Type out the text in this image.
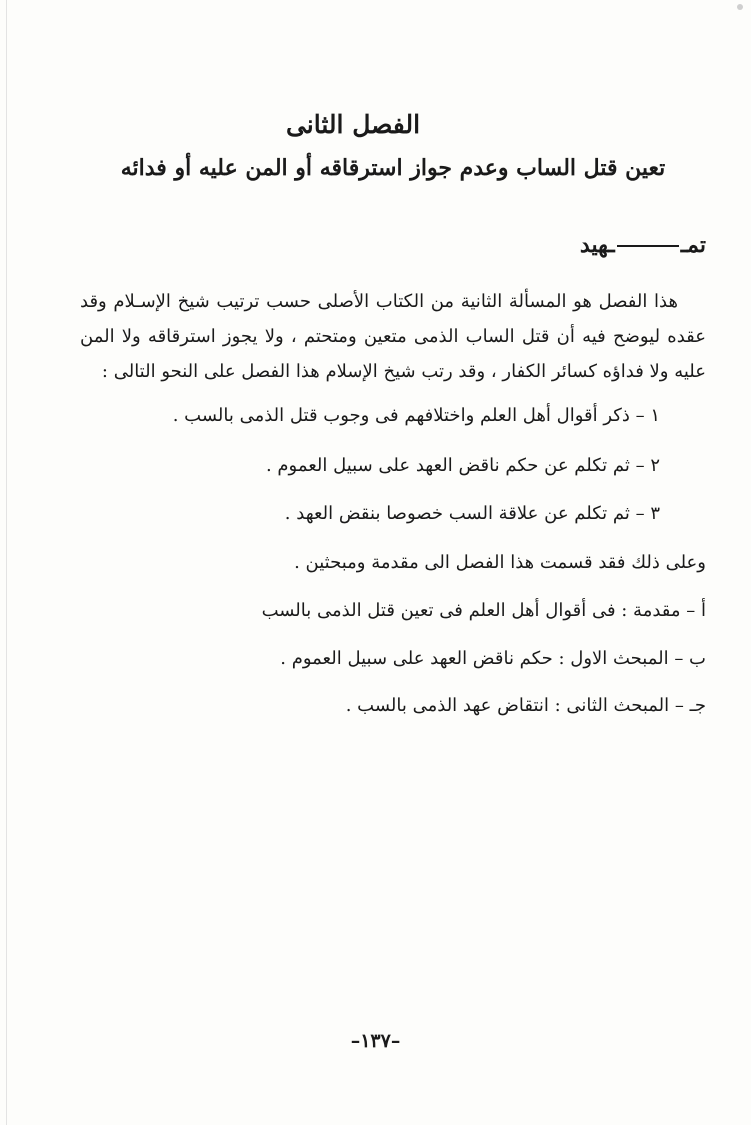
الفصل الثانى
تعين قتل الساب وعدم جواز استرقاقه أو المن عليه أو فدائه
تمــهيد
هذا الفصل هو المسألة الثانية من الكتاب الأصلى حسب ترتيب شيخ الإسـلام وقد عقده ليوضح فيه أن قتل الساب الذمى متعين ومتحتم ، ولا يجوز استرقاقه ولا المن عليه ولا فداؤه كسائر الكفار ، وقد رتب شيخ الإسلام هذا الفصل على النحو التالى :
١ – ذكر أقوال أهل العلم واختلافهم فى وجوب قتل الذمى بالسب .
٢ – ثم تكلم عن حكم ناقض العهد على سبيل العموم .
٣ – ثم تكلم عن علاقة السب خصوصا بنقض العهد .
وعلى ذلك فقد قسمت هذا الفصل الى مقدمة ومبحثين .
أ – مقدمة : فى أقوال أهل العلم فى تعين قتل الذمى بالسب
ب – المبحث الاول : حكم ناقض العهد على سبيل العموم .
جـ – المبحث الثانى : انتقاض عهد الذمى بالسب .
–١٣٧–
